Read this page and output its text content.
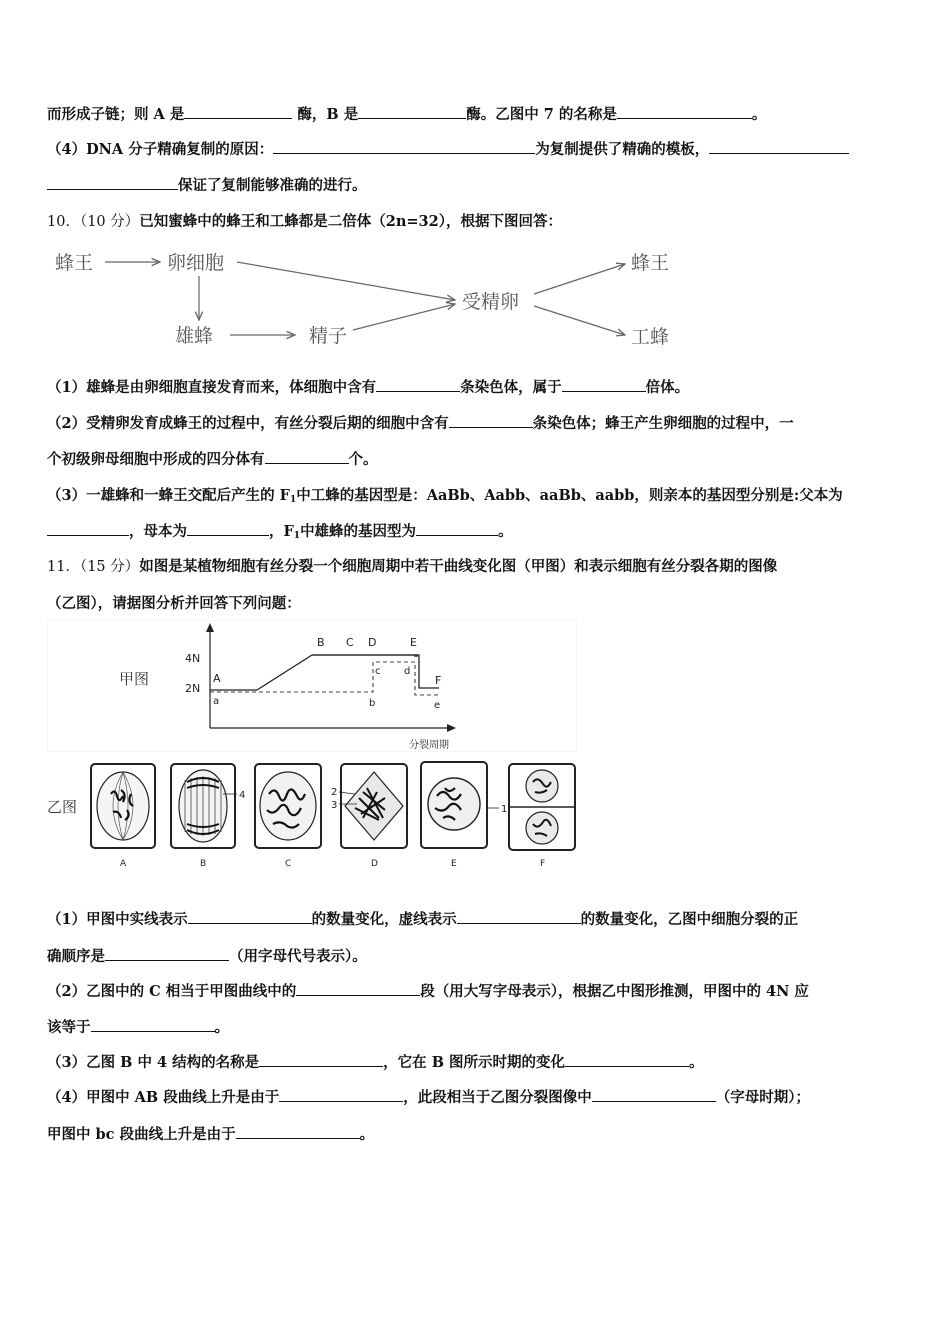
而形成子链；则 A 是	酶，B 是	酶。乙图中 7 的名称是	。
（4）DNA 分子精确复制的原因：	为复制提供了精确的模板，
保证了复制能够准确的进行。
10．（10 分）已知蜜蜂中的蜂王和工蜂都是二倍体（2n=32），根据下图回答：
蜂王	卵细胞
雄蜂	精子
受精卵
蜂王
工蜂
（1）雄蜂是由卵细胞直接发育而来，体细胞中含有	条染色体，属于	倍体。
（2）受精卵发育成蜂王的过程中，有丝分裂后期的细胞中含有	条染色体；蜂王产生卵细胞的过程中，一
个初级卵母细胞中形成的四分体有	个。
（3）一雄蜂和一蜂王交配后产生的 F1中工蜂的基因型是：AaBb、Aabb、aaBb、aabb，则亲本的基因型分别是:父本为
，母本为	，F1中雄蜂的基因型为	。
11．（15 分）如图是某植物细胞有丝分裂一个细胞周期中若干曲线变化图（甲图）和表示细胞有丝分裂各期的图像
（乙图），请据图分析并回答下列问题：
甲图
4N
2N
分裂周期
A
a
B C D	E
F
b
c d
e
乙图
A
4
B	C
2
3
D
1
E	F
（1）甲图中实线表示	的数量变化，虚线表示	的数量变化，乙图中细胞分裂的正
确顺序是	（用字母代号表示）。
（2）乙图中的 C 相当于甲图曲线中的	段（用大写字母表示），根据乙中图形推测，甲图中的 4N 应
该等于	。
（3）乙图 B 中 4 结构的名称是	，它在 B 图所示时期的变化	。
（4）甲图中 AB 段曲线上升是由于	，此段相当于乙图分裂图像中	（字母时期）；
甲图中 bc 段曲线上升是由于	。
